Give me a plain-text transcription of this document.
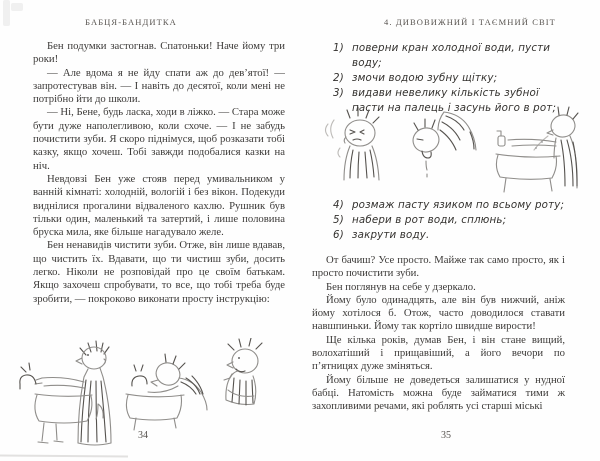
БАБЦЯ-БАНДИТКА	4. ДИВОВИЖНИЙ І ТАЄМНИЙ СВІТ

Бен подумки застогнав. Спатоньки! Наче йому три роки!

— Але вдома я не йду спати аж до дев’ятої! — запротестував він. — І навіть до десятої, коли мені не потрібно йти до школи.

— Ні, Бене, будь ласка, ходи в ліжко. — Стара може бути дуже наполегливою, коли схоче. — І не забудь почистити зуби. Я скоро піднімуся, щоб розказати тобі казку, якщо хочеш. Тобі завжди подобалися казки на ніч.

Невдовзі Бен уже стояв перед умивальником у ванній кімнаті: холодній, вологій і без вікон. Подекуди виднілися прогалини відваленого кахлю. Рушник був тільки один, маленький та затертий, і лише половина бруска мила, яке більше нагадувало желе.

Бен ненавидів чистити зуби. Отже, він лише вдавав, що чистить їх. Вдавати, що ти чистиш зуби, досить легко. Ніколи не розповідай про це своїм батькам. Якщо захочеш спробувати, то все, що тобі треба буде зробити, — покроково виконати просту інструкцію:

1) поверни кран холодної води, пусти воду;

2) змочи водою зубну щітку;

3) видави невелику кількість зубної пасти на палець і засунь його в рот;

4) розмаж пасту язиком по всьому роту;

5) набери в рот води, сплюнь;

6) закрути воду.

От бачиш? Усе просто. Майже так само просто, як і просто почистити зуби.

Бен поглянув на себе у дзеркало.

Йому було одинадцять, але він був нижчий, аніж йому хотілося б. Отож, часто доводилося ставати навшпиньки. Йому так кортіло швидше вирости!

Ще кілька років, думав Бен, і він стане вищий, волохатіший і прищавіший, а його вечори по п’ятницях дуже зміняться.

Йому більше не доведеться залишатися у нудної бабці. Натомість можна буде займатися тими ж захопливими речами, які роблять усі старші міські

34	35
